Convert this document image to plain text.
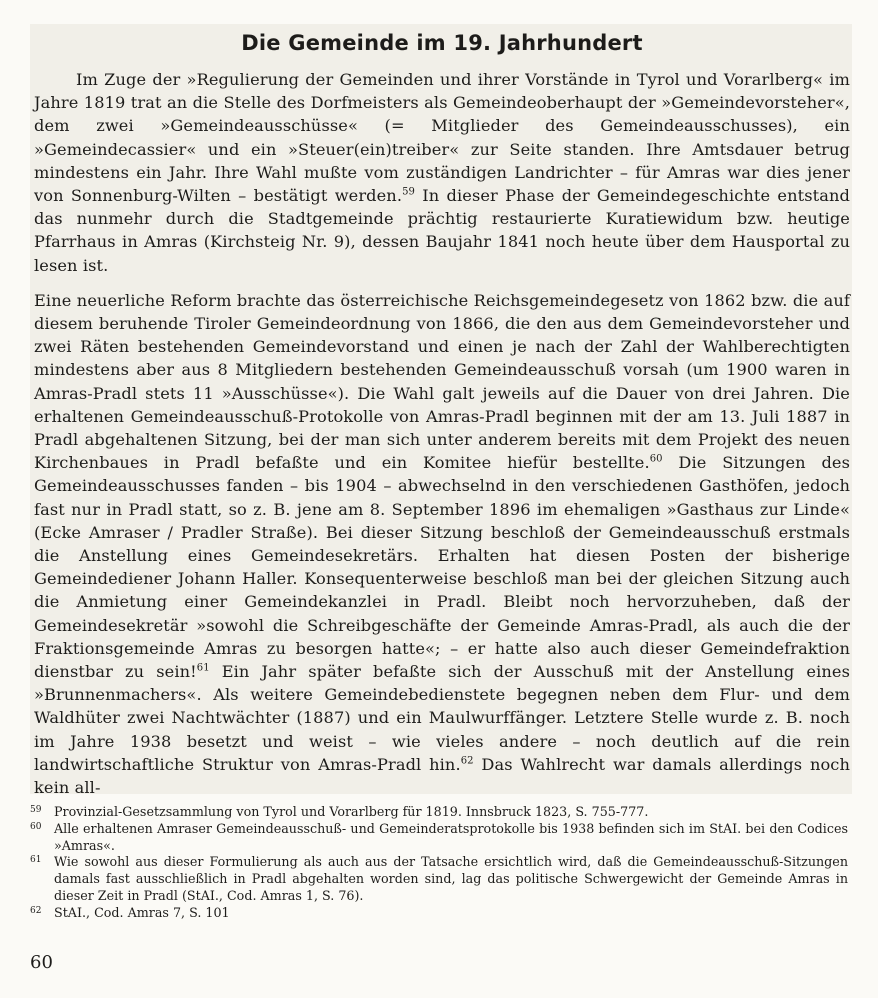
Die Gemeinde im 19. Jahrhundert

Im Zuge der »Regulierung der Gemeinden und ihrer Vorstände in Tyrol und Vorarlberg« im Jahre 1819 trat an die Stelle des Dorfmeisters als Gemeindeoberhaupt der »Gemeindevorsteher«, dem zwei »Gemeindeausschüsse« (= Mitglieder des Gemeindeausschusses), ein »Gemeindecassier« und ein »Steuer(ein)treiber« zur Seite standen. Ihre Amtsdauer betrug mindestens ein Jahr. Ihre Wahl mußte vom zuständigen Landrichter – für Amras war dies jener von Sonnenburg-Wilten – bestätigt werden.$^{59}$ In dieser Phase der Gemeindegeschichte entstand das nunmehr durch die Stadtgemeinde prächtig restaurierte Kuratiewidum bzw. heutige Pfarrhaus in Amras (Kirchsteig Nr. 9), dessen Baujahr 1841 noch heute über dem Hausportal zu lesen ist.

Eine neuerliche Reform brachte das österreichische Reichsgemeindegesetz von 1862 bzw. die auf diesem beruhende Tiroler Gemeindeordnung von 1866, die den aus dem Gemeindevorsteher und zwei Räten bestehenden Gemeindevorstand und einen je nach der Zahl der Wahlberechtigten mindestens aber aus 8 Mitgliedern bestehenden Gemeindeausschuß vorsah (um 1900 waren in Amras-Pradl stets 11 »Ausschüsse«). Die Wahl galt jeweils auf die Dauer von drei Jahren. Die erhaltenen Gemeindeausschuß-Protokolle von Amras-Pradl beginnen mit der am 13. Juli 1887 in Pradl abgehaltenen Sitzung, bei der man sich unter anderem bereits mit dem Projekt des neuen Kirchenbaues in Pradl befaßte und ein Komitee hiefür bestellte.$^{60}$ Die Sitzungen des Gemeindeausschusses fanden – bis 1904 – abwechselnd in den verschiedenen Gasthöfen, jedoch fast nur in Pradl statt, so z. B. jene am 8. September 1896 im ehemaligen »Gasthaus zur Linde« (Ecke Amraser / Pradler Straße). Bei dieser Sitzung beschloß der Gemeindeausschuß erstmals die Anstellung eines Gemeindesekretärs. Erhalten hat diesen Posten der bisherige Gemeindediener Johann Haller. Konsequenterweise beschloß man bei der gleichen Sitzung auch die Anmietung einer Gemeindekanzlei in Pradl. Bleibt noch hervorzuheben, daß der Gemeindesekretär »sowohl die Schreibgeschäfte der Gemeinde Amras-Pradl, als auch die der Fraktionsgemeinde Amras zu besorgen hatte«; – er hatte also auch dieser Gemeindefraktion dienstbar zu sein!$^{61}$ Ein Jahr später befaßte sich der Ausschuß mit der Anstellung eines »Brunnenmachers«. Als weitere Gemeindebedienstete begegnen neben dem Flur- und dem Waldhüter zwei Nachtwächter (1887) und ein Maulwurffänger. Letztere Stelle wurde z. B. noch im Jahre 1938 besetzt und weist – wie vieles andere – noch deutlich auf die rein landwirtschaftliche Struktur von Amras-Pradl hin.$^{62}$ Das Wahlrecht war damals allerdings noch kein all-

59 Provinzial-Gesetzsammlung von Tyrol und Vorarlberg für 1819. Innsbruck 1823, S. 755-777.
60 Alle erhaltenen Amraser Gemeindeausschuß- und Gemeinderatsprotokolle bis 1938 befinden sich im StAI. bei den Codices »Amras«.
61 Wie sowohl aus dieser Formulierung als auch aus der Tatsache ersichtlich wird, daß die Gemeindeausschuß-Sitzungen damals fast ausschließlich in Pradl abgehalten worden sind, lag das politische Schwergewicht der Gemeinde Amras in dieser Zeit in Pradl (StAI., Cod. Amras 1, S. 76).
62 StAI., Cod. Amras 7, S. 101
60
